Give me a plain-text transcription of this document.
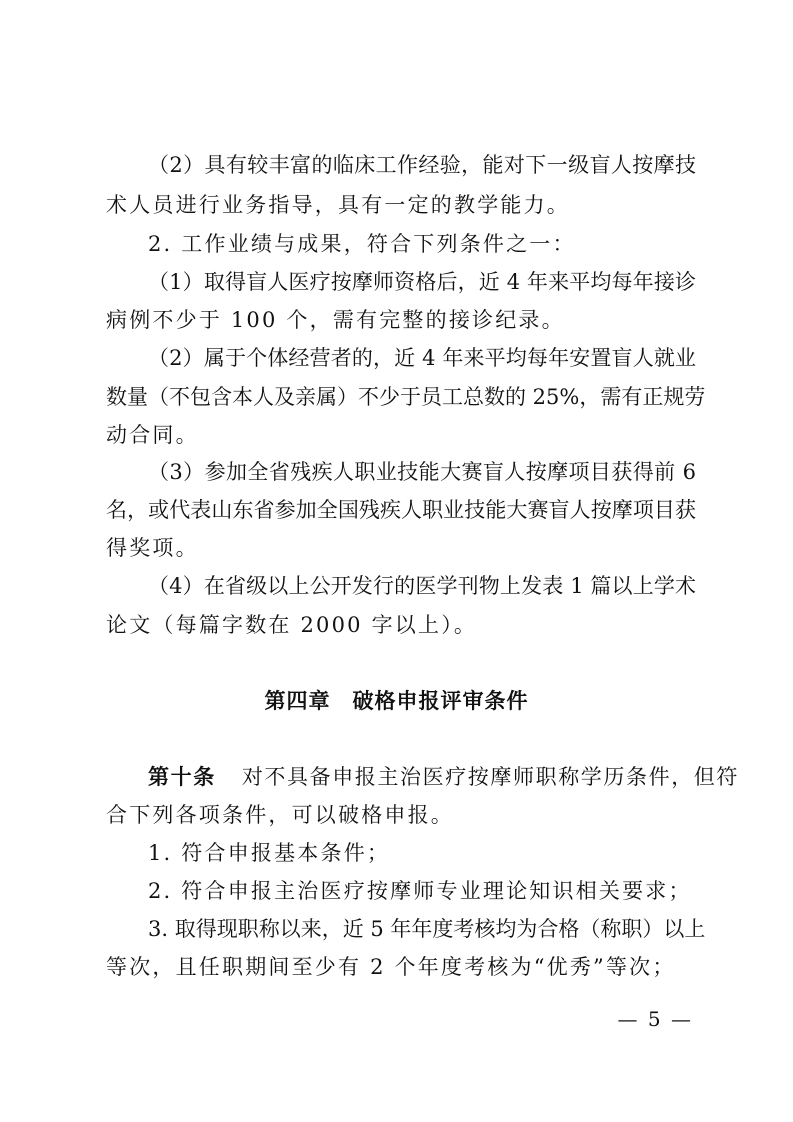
（2）具有较丰富的临床工作经验，能对下一级盲人按摩技
术人员进行业务指导，具有一定的教学能力。
2. 工作业绩与成果，符合下列条件之一：
（1）取得盲人医疗按摩师资格后，近 4 年来平均每年接诊
病例不少于 100 个，需有完整的接诊纪录。
（2）属于个体经营者的，近 4 年来平均每年安置盲人就业
数量（不包含本人及亲属）不少于员工总数的 25%，需有正规劳
动合同。
（3）参加全省残疾人职业技能大赛盲人按摩项目获得前 6
名，或代表山东省参加全国残疾人职业技能大赛盲人按摩项目获
得奖项。
（4）在省级以上公开发行的医学刊物上发表 1 篇以上学术
论文（每篇字数在 2000 字以上）。
第四章　破格申报评审条件
第十条 对不具备申报主治医疗按摩师职称学历条件，但符
合下列各项条件，可以破格申报。
1. 符合申报基本条件；
2. 符合申报主治医疗按摩师专业理论知识相关要求；
3. 取得现职称以来，近 5 年年度考核均为合格（称职）以上
等次，且任职期间至少有 2 个年度考核为“优秀”等次；
— 5 —
